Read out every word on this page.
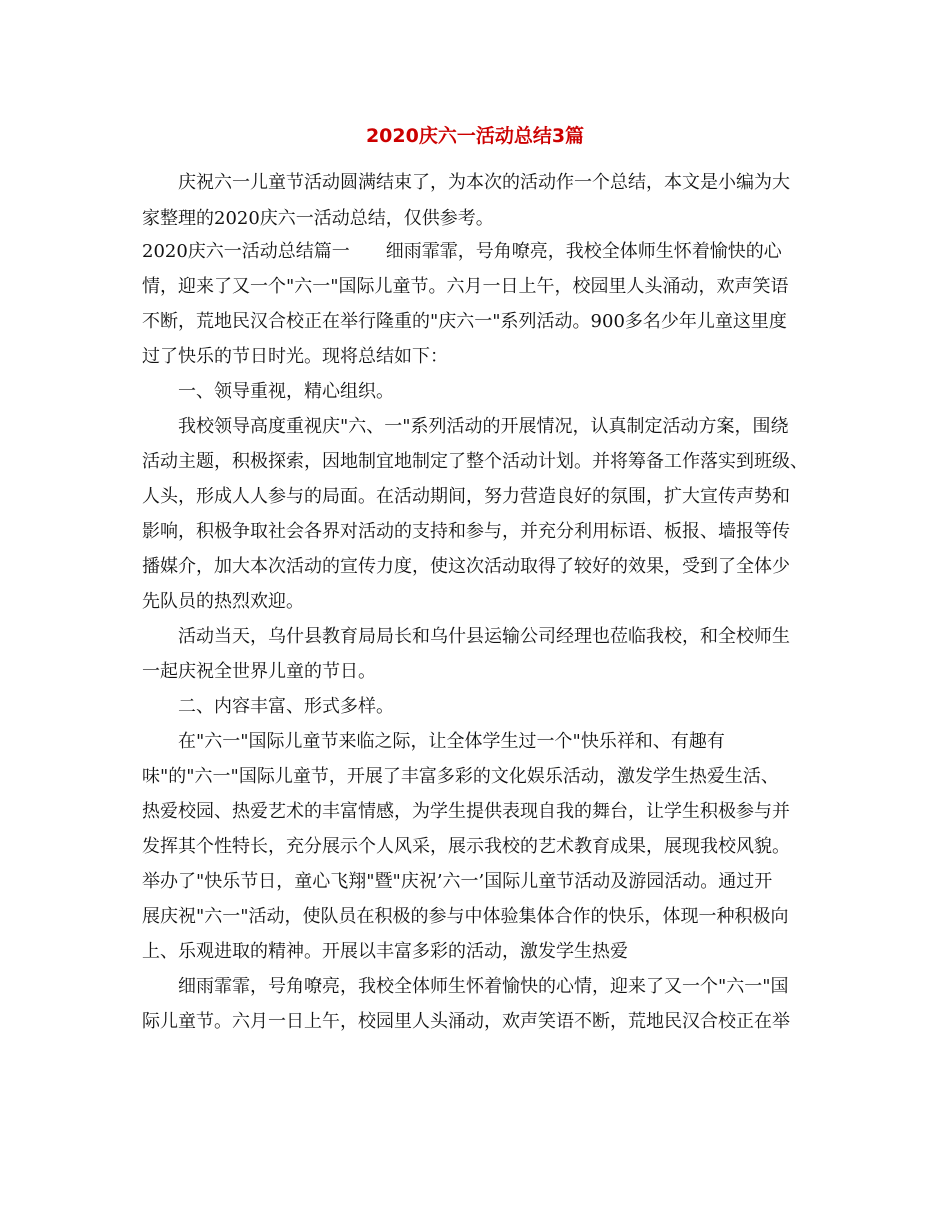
2020庆六一活动总结3篇
　　庆祝六一儿童节活动圆满结束了，为本次的活动作一个总结，本文是小编为大
家整理的2020庆六一活动总结，仅供参考。
2020庆六一活动总结篇一　　细雨霏霏，号角嘹亮，我校全体师生怀着愉快的心
情，迎来了又一个"六一"国际儿童节。六月一日上午，校园里人头涌动，欢声笑语
不断，荒地民汉合校正在举行隆重的"庆六一"系列活动。900多名少年儿童这里度
过了快乐的节日时光。现将总结如下：
　　一、领导重视，精心组织。
　　我校领导高度重视庆"六、一"系列活动的开展情况，认真制定活动方案，围绕
活动主题，积极探索，因地制宜地制定了整个活动计划。并将筹备工作落实到班级、
人头，形成人人参与的局面。在活动期间，努力营造良好的氛围，扩大宣传声势和
影响，积极争取社会各界对活动的支持和参与，并充分利用标语、板报、墙报等传
播媒介，加大本次活动的宣传力度，使这次活动取得了较好的效果，受到了全体少
先队员的热烈欢迎。
　　活动当天，乌什县教育局局长和乌什县运输公司经理也莅临我校，和全校师生
一起庆祝全世界儿童的节日。
　　二、内容丰富、形式多样。
　　在"六一"国际儿童节来临之际，让全体学生过一个"快乐祥和、有趣有
味"的"六一"国际儿童节，开展了丰富多彩的文化娱乐活动，激发学生热爱生活、
热爱校园、热爱艺术的丰富情感，为学生提供表现自我的舞台，让学生积极参与并
发挥其个性特长，充分展示个人风采，展示我校的艺术教育成果，展现我校风貌。
举办了"快乐节日，童心飞翔"暨"庆祝’六一’国际儿童节活动及游园活动。通过开
展庆祝"六一"活动，使队员在积极的参与中体验集体合作的快乐，体现一种积极向
上、乐观进取的精神。开展以丰富多彩的活动，激发学生热爱
　　细雨霏霏，号角嘹亮，我校全体师生怀着愉快的心情，迎来了又一个"六一"国
际儿童节。六月一日上午，校园里人头涌动，欢声笑语不断，荒地民汉合校正在举
